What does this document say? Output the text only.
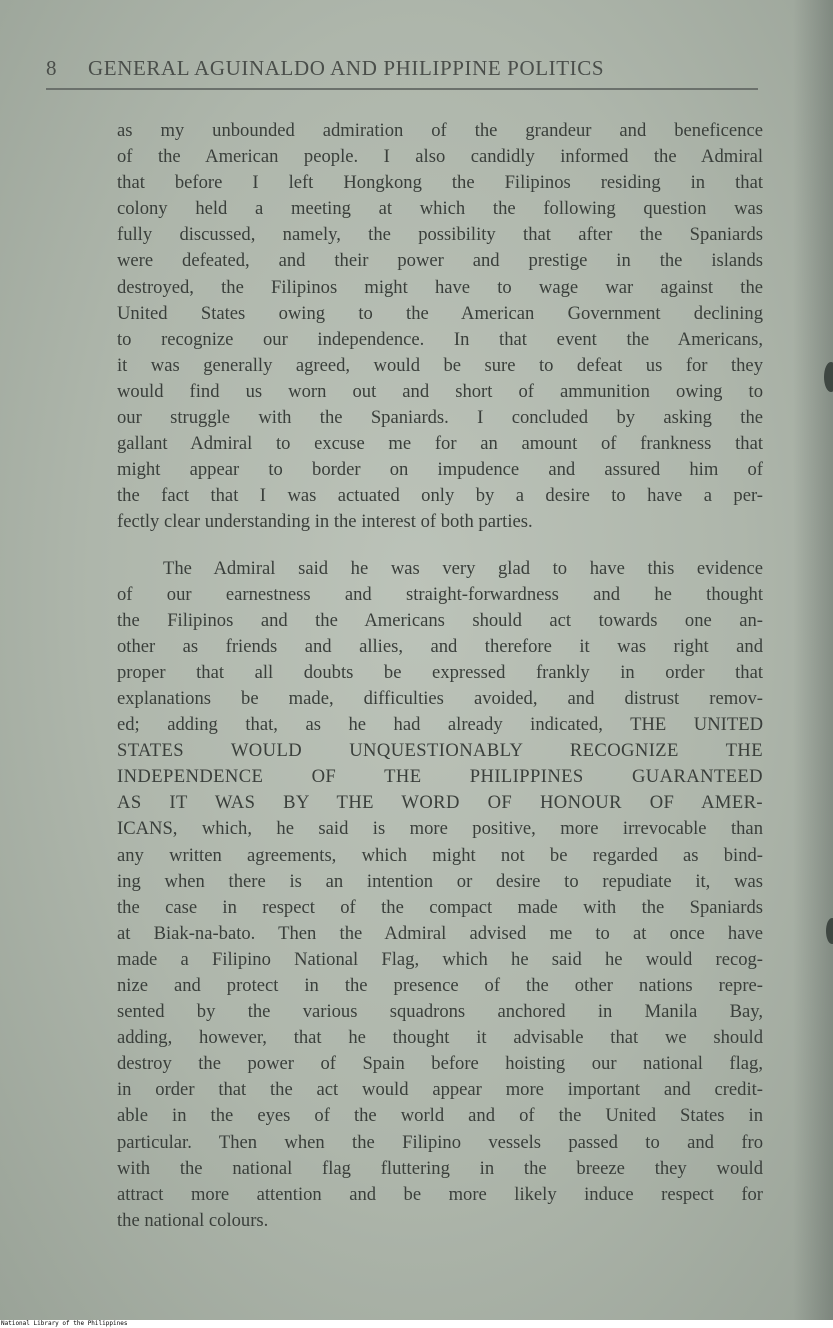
8 GENERAL AGUINALDO AND PHILIPPINE POLITICS
as my unbounded admiration of the grandeur and beneficence
of the American people. I also candidly informed the Admiral
that before I left Hongkong the Filipinos residing in that
colony held a meeting at which the following question was
fully discussed, namely, the possibility that after the Spaniards
were defeated, and their power and prestige in the islands
destroyed, the Filipinos might have to wage war against the
United States owing to the American Government declining
to recognize our independence. In that event the Americans,
it was generally agreed, would be sure to defeat us for they
would find us worn out and short of ammunition owing to
our struggle with the Spaniards. I concluded by asking the
gallant Admiral to excuse me for an amount of frankness that
might appear to border on impudence and assured him of
the fact that I was actuated only by a desire to have a per-
fectly clear understanding in the interest of both parties.
The Admiral said he was very glad to have this evidence
of our earnestness and straight-forwardness and he thought
the Filipinos and the Americans should act towards one an-
other as friends and allies, and therefore it was right and
proper that all doubts be expressed frankly in order that
explanations be made, difficulties avoided, and distrust remov-
ed; adding that, as he had already indicated, THE UNITED
STATES WOULD UNQUESTIONABLY RECOGNIZE THE
INDEPENDENCE OF THE PHILIPPINES GUARANTEED
AS IT WAS BY THE WORD OF HONOUR OF AMER-
ICANS, which, he said is more positive, more irrevocable than
any written agreements, which might not be regarded as bind-
ing when there is an intention or desire to repudiate it, was
the case in respect of the compact made with the Spaniards
at Biak-na-bato. Then the Admiral advised me to at once have
made a Filipino National Flag, which he said he would recog-
nize and protect in the presence of the other nations repre-
sented by the various squadrons anchored in Manila Bay,
adding, however, that he thought it advisable that we should
destroy the power of Spain before hoisting our national flag,
in order that the act would appear more important and credit-
able in the eyes of the world and of the United States in
particular. Then when the Filipino vessels passed to and fro
with the national flag fluttering in the breeze they would
attract more attention and be more likely induce respect for
the national colours.
National Library of the Philippines
